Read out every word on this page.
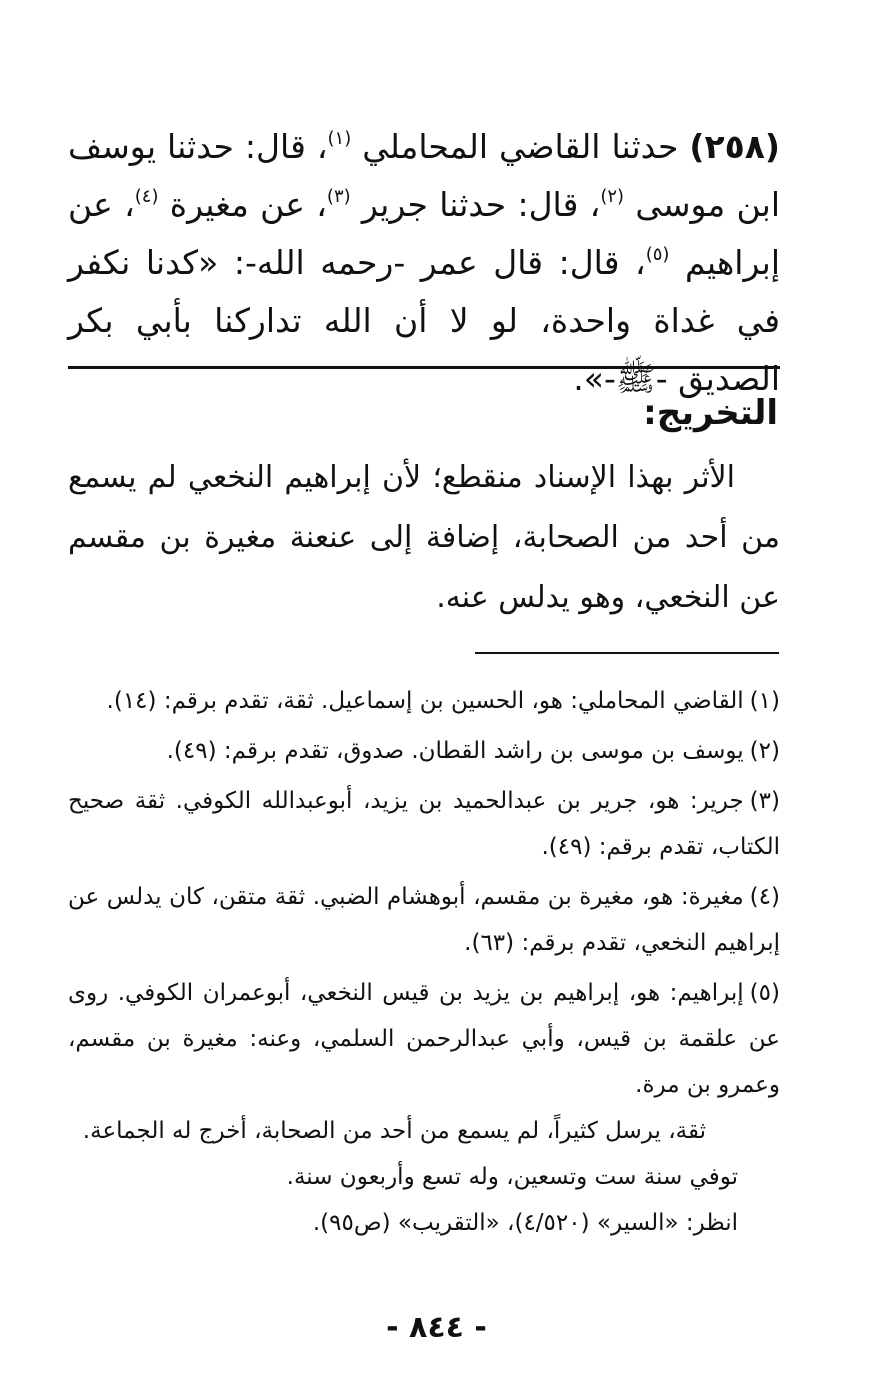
(٢٥٨) حدثنا القاضي المحاملي $^{(١)}$، قال: حدثنا يوسف ابن موسى $^{(٢)}$، قال: حدثنا جرير $^{(٣)}$، عن مغيرة $^{(٤)}$، عن إبراهيم $^{(٥)}$، قال: قال عمر -رحمه الله-: «كدنا نكفر في غداة واحدة، لو لا أن الله تداركنا بأبي بكر الصديق -ﷺ-».

التخريج:

الأثر بهذا الإسناد منقطع؛ لأن إبراهيم النخعي لم يسمع من أحد من الصحابة، إضافة إلى عنعنة مغيرة بن مقسم عن النخعي، وهو يدلس عنه.

(١)القاضي المحاملي: هو، الحسين بن إسماعيل. ثقة، تقدم برقم: (١٤).

(٢)يوسف بن موسى بن راشد القطان. صدوق، تقدم برقم: (٤٩).

(٣)جرير: هو، جرير بن عبدالحميد بن يزيد، أبوعبدالله الكوفي. ثقة صحيح الكتاب، تقدم برقم: (٤٩).

(٤)مغيرة: هو، مغيرة بن مقسم، أبوهشام الضبي. ثقة متقن، كان يدلس عن إبراهيم النخعي، تقدم برقم: (٦٣).

(٥)إبراهيم: هو، إبراهيم بن يزيد بن قيس النخعي، أبوعمران الكوفي. روى عن علقمة بن قيس، وأبي عبدالرحمن السلمي، وعنه: مغيرة بن مقسم، وعمرو بن مرة.
ثقة، يرسل كثيراً، لم يسمع من أحد من الصحابة، أخرج له الجماعة.
توفي سنة ست وتسعين، وله تسع وأربعون سنة.
انظر: «السير» (٤/٥٢٠)، «التقريب» (ص٩٥).
- ٨٤٤ -
